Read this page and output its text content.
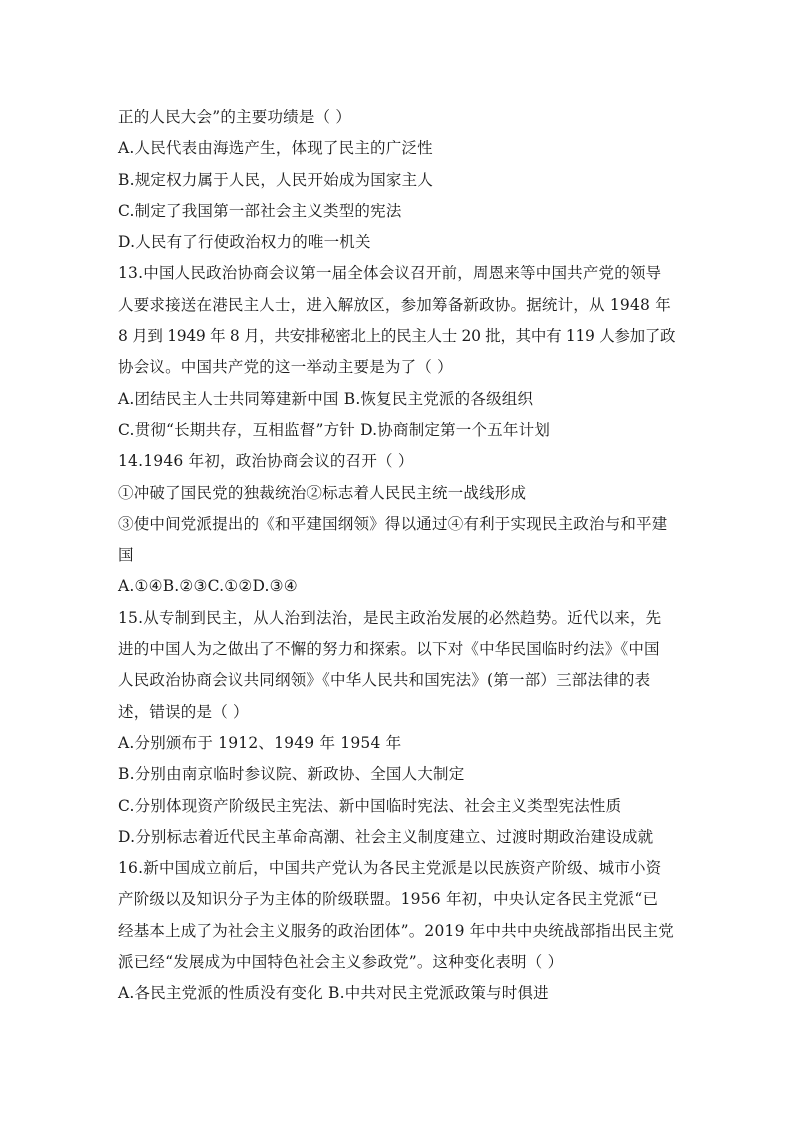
正的人民大会”的主要功绩是（ ）
A.人民代表由海选产生，体现了民主的广泛性
B.规定权力属于人民，人民开始成为国家主人
C.制定了我国第一部社会主义类型的宪法
D.人民有了行使政治权力的唯一机关
13.中国人民政治协商会议第一届全体会议召开前，周恩来等中国共产党的领导
人要求接送在港民主人士，进入解放区，参加筹备新政协。据统计，从 1948 年
8 月到 1949 年 8 月，共安排秘密北上的民主人士 20 批，其中有 119 人参加了政
协会议。中国共产党的这一举动主要是为了（ ）
A.团结民主人士共同筹建新中国 B.恢复民主党派的各级组织
C.贯彻“长期共存，互相监督”方针 D.协商制定第一个五年计划
14.1946 年初，政治协商会议的召开（ ）
①冲破了国民党的独裁统治②标志着人民民主统一战线形成
③使中间党派提出的《和平建国纲领》得以通过④有利于实现民主政治与和平建
国
A.①④B.②③C.①②D.③④
15.从专制到民主，从人治到法治，是民主政治发展的必然趋势。近代以来，先
进的中国人为之做出了不懈的努力和探索。以下对《中华民国临时约法》《中国
人民政治协商会议共同纲领》《中华人民共和国宪法》(第一部）三部法律的表
述，错误的是（ ）
A.分别颁布于 1912、1949 年 1954 年
B.分别由南京临时参议院、新政协、全国人大制定
C.分别体现资产阶级民主宪法、新中国临时宪法、社会主义类型宪法性质
D.分别标志着近代民主革命高潮、社会主义制度建立、过渡时期政治建设成就
16.新中国成立前后，中国共产党认为各民主党派是以民族资产阶级、城市小资
产阶级以及知识分子为主体的阶级联盟。1956 年初，中央认定各民主党派“已
经基本上成了为社会主义服务的政治团体”。2019 年中共中央统战部指出民主党
派已经“发展成为中国特色社会主义参政党”。这种变化表明（ ）
A.各民主党派的性质没有变化 B.中共对民主党派政策与时俱进
